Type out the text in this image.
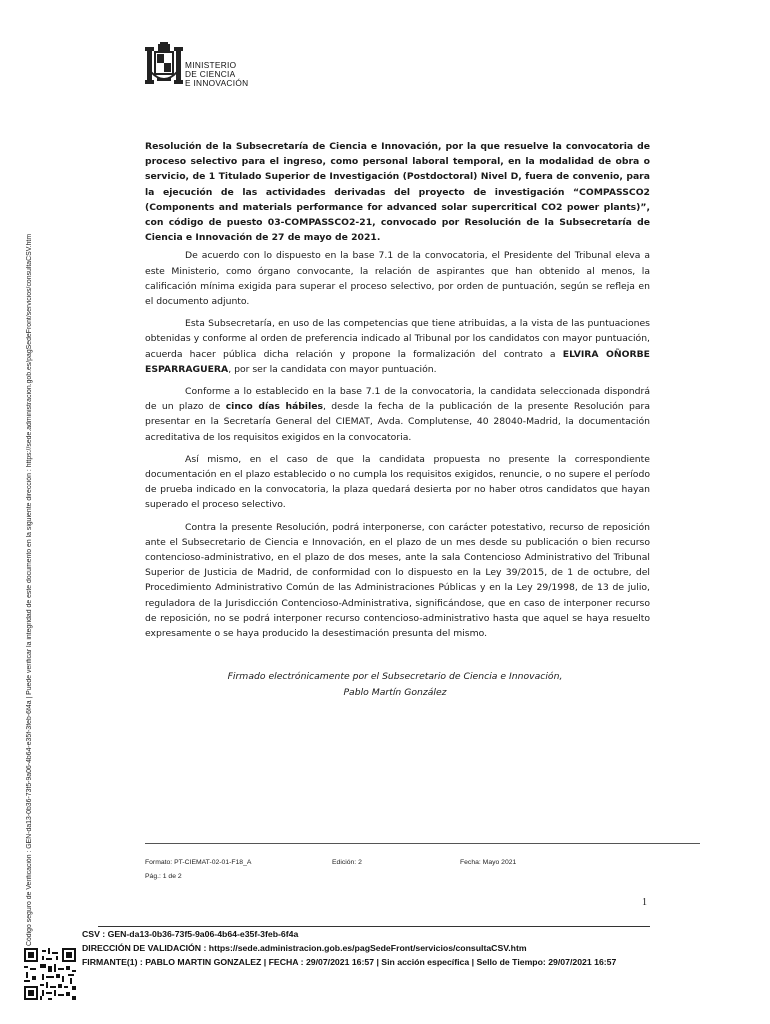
Código seguro de Verificación : GEN-da13-0b36-73f5-9a06-4b64-e35f-3feb-6f4a | Puede verificar la integridad de este documento en la siguiente dirección : https://sede.administracion.gob.es/pagSedeFront/servicios/consultaCSV.htm
MINISTERIO
DE CIENCIA
E INNOVACIÓN

Resolución de la Subsecretaría de Ciencia e Innovación, por la que resuelve la convocatoria de proceso selectivo para el ingreso, como personal laboral temporal, en la modalidad de obra o servicio, de 1 Titulado Superior de Investigación (Postdoctoral) Nivel D, fuera de convenio, para la ejecución de las actividades derivadas del proyecto de investigación “COMPASSCO2 (Components and materials performance for advanced solar supercritical CO2 power plants)”, con código de puesto 03-COMPASSCO2-21, convocado por Resolución de la Subsecretaría de Ciencia e Innovación de 27 de mayo de 2021.

De acuerdo con lo dispuesto en la base 7.1 de la convocatoria, el Presidente del Tribunal eleva a este Ministerio, como órgano convocante, la relación de aspirantes que han obtenido al menos, la calificación mínima exigida para superar el proceso selectivo, por orden de puntuación, según se refleja en el documento adjunto.

Esta Subsecretaría, en uso de las competencias que tiene atribuidas, a la vista de las puntuaciones obtenidas y conforme al orden de preferencia indicado al Tribunal por los candidatos con mayor puntuación, acuerda hacer pública dicha relación y propone la formalización del contrato a ELVIRA OÑORBE ESPARRAGUERA, por ser la candidata con mayor puntuación.

Conforme a lo establecido en la base 7.1 de la convocatoria, la candidata seleccionada dispondrá de un plazo de cinco días hábiles, desde la fecha de la publicación de la presente Resolución para presentar en la Secretaría General del CIEMAT, Avda. Complutense, 40 28040-Madrid, la documentación acreditativa de los requisitos exigidos en la convocatoria.

Así mismo, en el caso de que la candidata propuesta no presente la correspondiente documentación en el plazo establecido o no cumpla los requisitos exigidos, renuncie, o no supere el período de prueba indicado en la convocatoria, la plaza quedará desierta por no haber otros candidatos que hayan superado el proceso selectivo.

Contra la presente Resolución, podrá interponerse, con carácter potestativo, recurso de reposición ante el Subsecretario de Ciencia e Innovación, en el plazo de un mes desde su publicación o bien recurso contencioso-administrativo, en el plazo de dos meses, ante la sala Contencioso Administrativo del Tribunal Superior de Justicia de Madrid, de conformidad con lo dispuesto en la Ley 39/2015, de 1 de octubre, del Procedimiento Administrativo Común de las Administraciones Públicas y en la Ley 29/1998, de 13 de julio, reguladora de la Jurisdicción Contencioso-Administrativa, significándose, que en caso de interponer recurso de reposición, no se podrá interponer recurso contencioso-administrativo hasta que aquel se haya resuelto expresamente o se haya producido la desestimación presunta del mismo.

Firmado electrónicamente por el Subsecretario de Ciencia e Innovación,
Pablo Martín González
Formato: PT-CIEMAT-02-01-F18_A	Edición: 2	Fecha: Mayo 2021
Pág.: 1 de 2
1
CSV : GEN-da13-0b36-73f5-9a06-4b64-e35f-3feb-6f4a
DIRECCIÓN DE VALIDACIÓN : https://sede.administracion.gob.es/pagSedeFront/servicios/consultaCSV.htm
FIRMANTE(1) : PABLO MARTIN GONZALEZ | FECHA : 29/07/2021 16:57 | Sin acción específica | Sello de Tiempo: 29/07/2021 16:57
